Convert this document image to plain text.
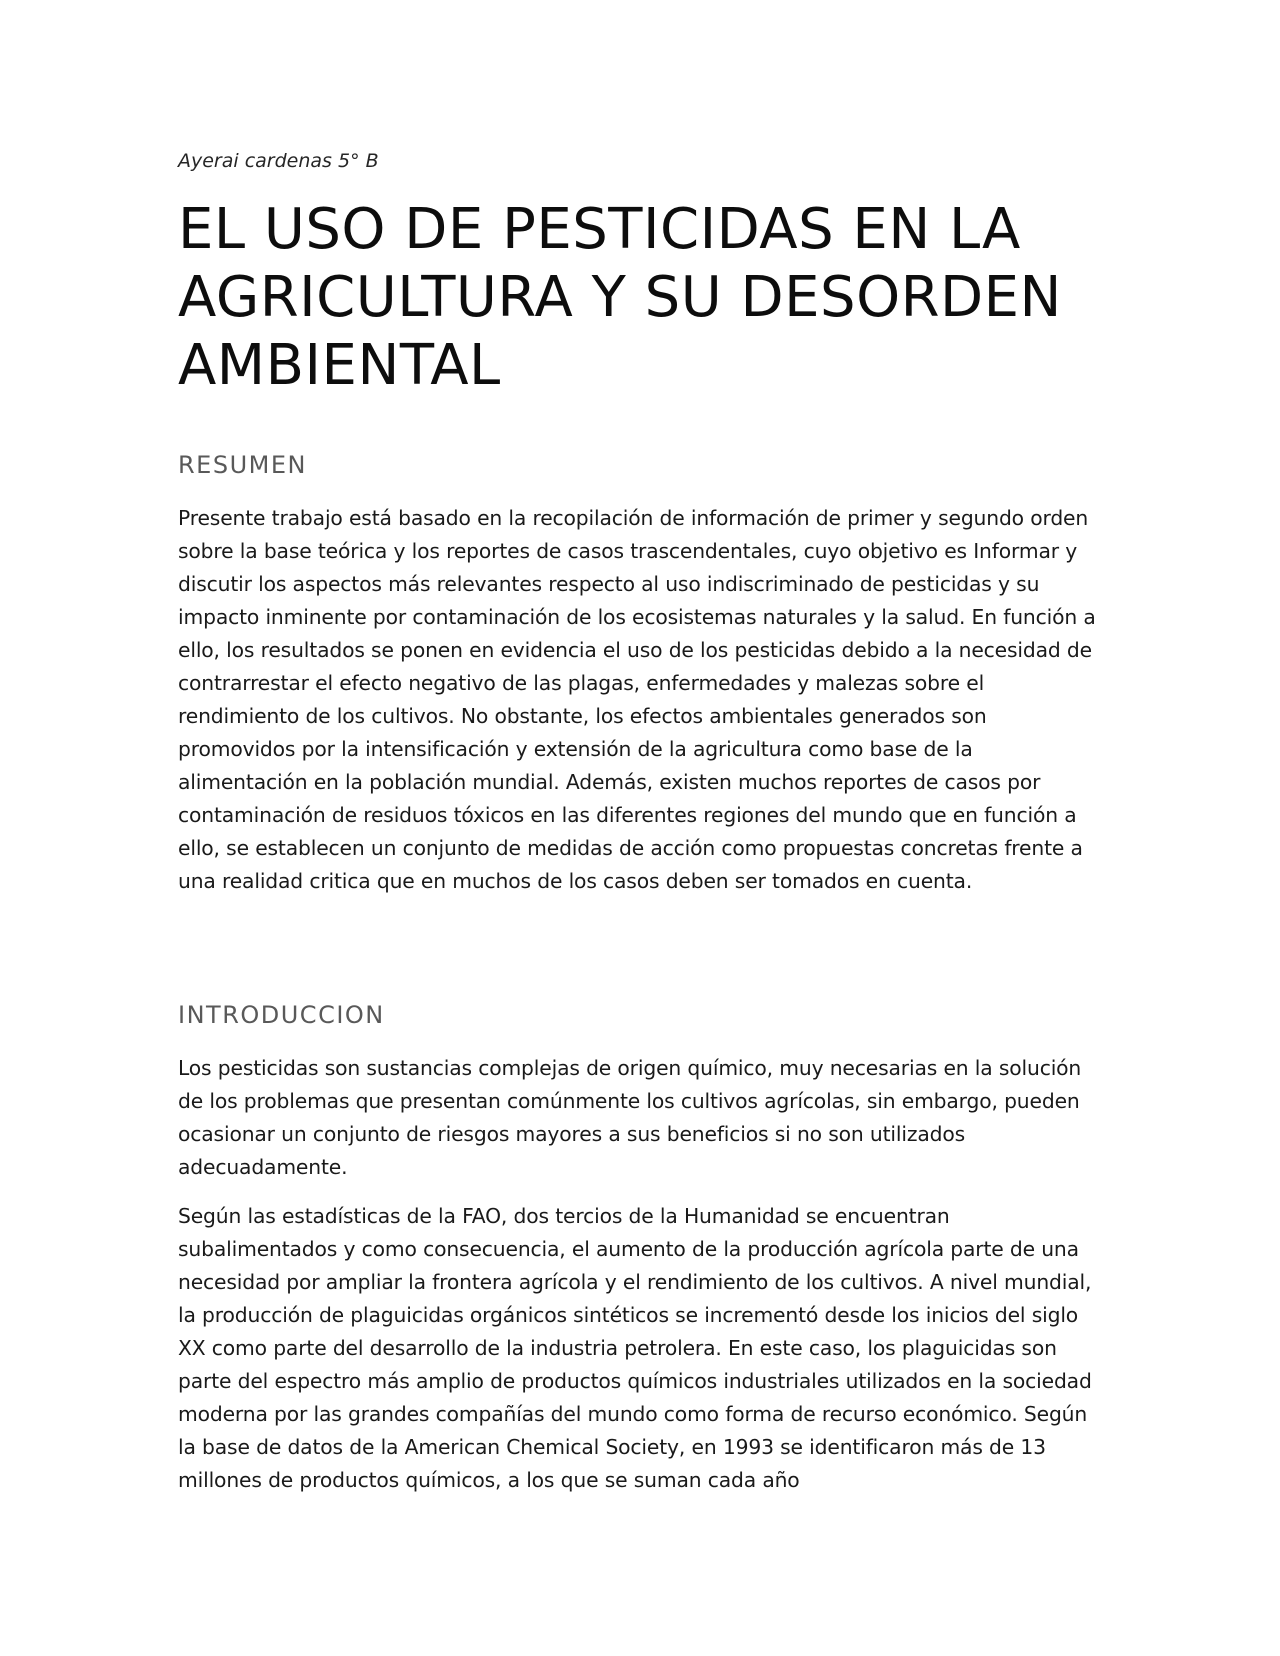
Ayerai cardenas 5° B
EL USO DE PESTICIDAS EN LA AGRICULTURA Y SU DESORDEN AMBIENTAL
RESUMEN

Presente trabajo está basado en la recopilación de información de primer y segundo orden sobre la base teórica y los reportes de casos trascendentales, cuyo objetivo es Informar y discutir los aspectos más relevantes respecto al uso indiscriminado de pesticidas y su impacto inminente por contaminación de los ecosistemas naturales y la salud. En función a ello, los resultados se ponen en evidencia el uso de los pesticidas debido a la necesidad de contrarrestar el efecto negativo de las plagas, enfermedades y malezas sobre el rendimiento de los cultivos. No obstante, los efectos ambientales generados son promovidos por la intensificación y extensión de la agricultura como base de la alimentación en la población mundial. Además, existen muchos reportes de casos por contaminación de residuos tóxicos en las diferentes regiones del mundo que en función a ello, se establecen un conjunto de medidas de acción como propuestas concretas frente a una realidad critica que en muchos de los casos deben ser tomados en cuenta.

INTRODUCCION

Los pesticidas son sustancias complejas de origen químico, muy necesarias en la solución de los problemas que presentan comúnmente los cultivos agrícolas, sin embargo, pueden ocasionar un conjunto de riesgos mayores a sus beneficios si no son utilizados adecuadamente.

Según las estadísticas de la FAO, dos tercios de la Humanidad se encuentran subalimentados y como consecuencia, el aumento de la producción agrícola parte de una necesidad por ampliar la frontera agrícola y el rendimiento de los cultivos. A nivel mundial, la producción de plaguicidas orgánicos sintéticos se incrementó desde los inicios del siglo XX como parte del desarrollo de la industria petrolera. En este caso, los plaguicidas son parte del espectro más amplio de productos químicos industriales utilizados en la sociedad moderna por las grandes compañías del mundo como forma de recurso económico. Según la base de datos de la American Chemical Society, en 1993 se identificaron más de 13 millones de productos químicos, a los que se suman cada año
